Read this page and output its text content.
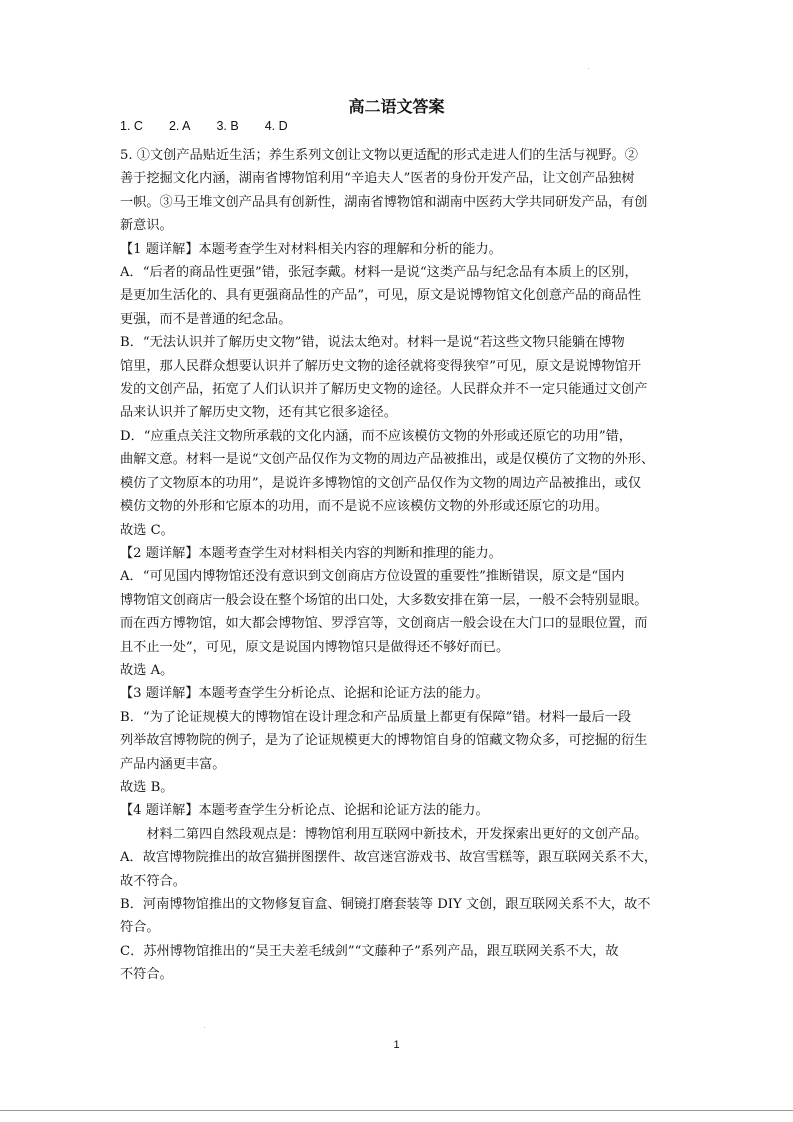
高二语文答案
1. C 2. A 3. B 4. D

5. ①文创产品贴近生活；养生系列文创让文物以更适配的形式走进人们的生活与视野。②

善于挖掘文化内涵，湖南省博物馆利用“辛追夫人”医者的身份开发产品，让文创产品独树

一帜。③马王堆文创产品具有创新性，湖南省博物馆和湖南中医药大学共同研发产品，有创

新意识。

【1 题详解】本题考查学生对材料相关内容的理解和分析的能力。

A．“后者的商品性更强”错，张冠李戴。材料一是说“这类产品与纪念品有本质上的区别，

是更加生活化的、具有更强商品性的产品”，可见，原文是说博物馆文化创意产品的商品性

更强，而不是普通的纪念品。

B．“无法认识并了解历史文物”错，说法太绝对。材料一是说“若这些文物只能躺在博物

馆里，那人民群众想要认识并了解历史文物的途径就将变得狭窄”可见，原文是说博物馆开

发的文创产品，拓宽了人们认识并了解历史文物的途径。人民群众并不一定只能通过文创产

品来认识并了解历史文物，还有其它很多途径。

D．“应重点关注文物所承载的文化内涵，而不应该模仿文物的外形或还原它的功用”错，

曲解文意。材料一是说“文创产品仅作为文物的周边产品被推出，或是仅模仿了文物的外形、

模仿了文物原本的功用”，是说许多博物馆的文创产品仅作为文物的周边产品被推出，或仅

模仿文物的外形和它原本的功用，而不是说不应该模仿文物的外形或还原它的功用。

故选 C。

【2 题详解】本题考查学生对材料相关内容的判断和推理的能力。

A．“可见国内博物馆还没有意识到文创商店方位设置的重要性”推断错误，原文是“国内

博物馆文创商店一般会设在整个场馆的出口处，大多数安排在第一层，一般不会特别显眼。

而在西方博物馆，如大都会博物馆、罗浮宫等，文创商店一般会设在大门口的显眼位置，而

且不止一处”，可见，原文是说国内博物馆只是做得还不够好而已。

故选 A。

【3 题详解】本题考查学生分析论点、论据和论证方法的能力。

B．“为了论证规模大的博物馆在设计理念和产品质量上都更有保障”错。材料一最后一段

列举故宫博物院的例子，是为了论证规模更大的博物馆自身的馆藏文物众多，可挖掘的衍生

产品内涵更丰富。

故选 B。

【4 题详解】本题考查学生分析论点、论据和论证方法的能力。

　　材料二第四自然段观点是：博物馆利用互联网中新技术，开发探索出更好的文创产品。

A．故宫博物院推出的故宫猫拼图摆件、故宫迷宫游戏书、故宫雪糕等，跟互联网关系不大，

故不符合。

B．河南博物馆推出的文物修复盲盒、铜镜打磨套装等 DIY 文创，跟互联网关系不大，故不

符合。

C．苏州博物馆推出的“吴王夫差毛绒剑”“文藤种子”系列产品，跟互联网关系不大，故

不符合。

1
